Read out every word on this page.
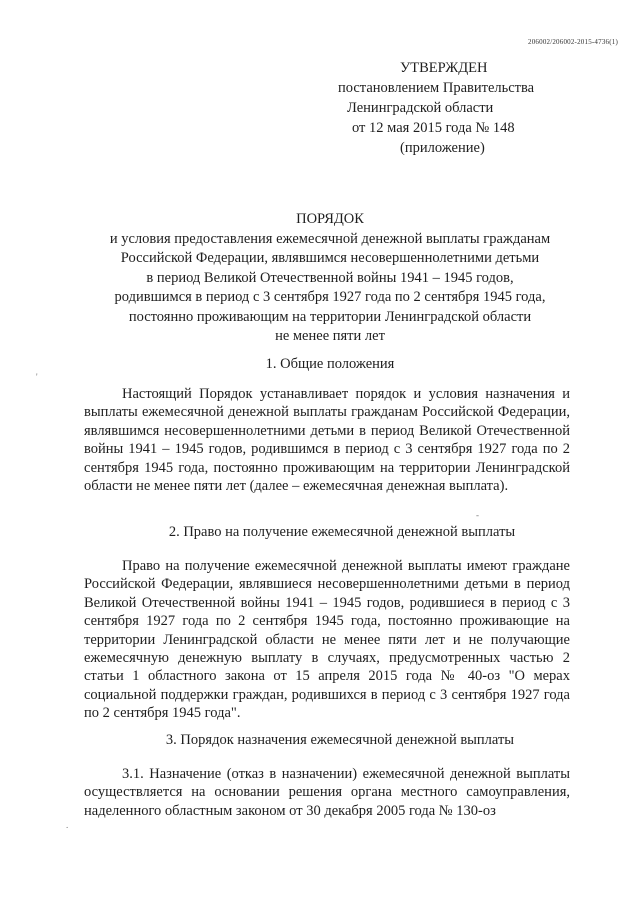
206002/206002-2015-4736(1)
УТВЕРЖДЕН
постановлением Правительства
Ленинградской области
от 12 мая 2015 года № 148
(приложение)
ПОРЯДОК
и условия предоставления ежемесячной денежной выплаты гражданам
Российской Федерации, являвшимся несовершеннолетними детьми
в период Великой Отечественной войны 1941 – 1945 годов,
родившимся в период с 3 сентября 1927 года по 2 сентября 1945 года,
постоянно проживающим на территории Ленинградской области
не менее пяти лет
1. Общие положения
Настоящий Порядок устанавливает порядок и условия назначения и выплаты ежемесячной денежной выплаты гражданам Российской Федерации, являвшимся несовершеннолетними детьми в период Великой Отечественной войны 1941 – 1945 годов, родившимся в период с 3 сентября 1927 года по 2 сентября 1945 года, постоянно проживающим на территории Ленинградской области не менее пяти лет (далее – ежемесячная денежная выплата).
2. Право на получение ежемесячной денежной выплаты
Право на получение ежемесячной денежной выплаты имеют граждане Российской Федерации, являвшиеся несовершеннолетними детьми в период Великой Отечественной войны 1941 – 1945 годов, родившиеся в период с 3 сентября 1927 года по 2 сентября 1945 года, постоянно проживающие на территории Ленинградской области не менее пяти лет и не получающие ежемесячную денежную выплату в случаях, предусмотренных частью 2 статьи 1 областного закона от 15 апреля 2015 года № 40-оз "О мерах социальной поддержки граждан, родившихся в период с 3 сентября 1927 года по 2 сентября 1945 года".
3. Порядок назначения ежемесячной денежной выплаты
3.1. Назначение (отказ в назначении) ежемесячной денежной выплаты осуществляется на основании решения органа местного самоуправления, наделенного областным законом от 30 декабря 2005 года № 130-оз
'
-
.
